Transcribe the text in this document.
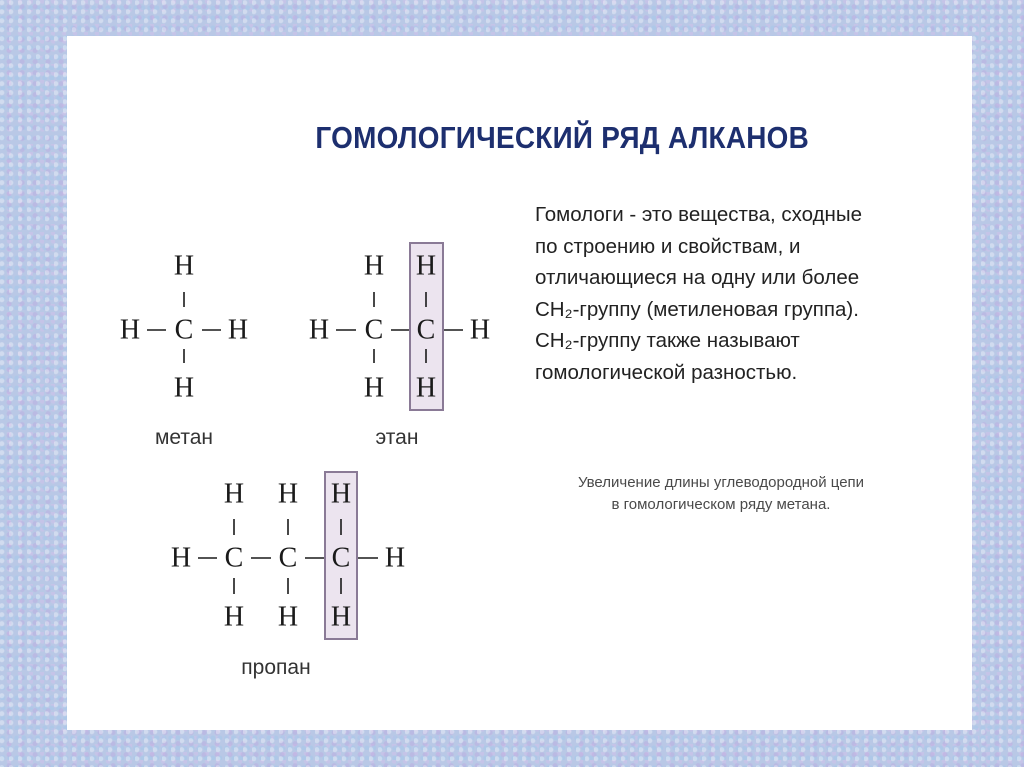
ГОМОЛОГИЧЕСКИЙ РЯД АЛКАНОВ
Гомологи - это вещества, сходные
по строению и свойствам, и
отличающиеся на одну или более
CH₂-группу (метиленовая группа).
CH₂-группу также называют
гомологической разностью.
Увеличение длины углеводородной цепи
в гомологическом ряду метана.
H
H C H
H
метан
H H
H C C H
H H
этан
H H H
H C C C H
H H H
пропан
